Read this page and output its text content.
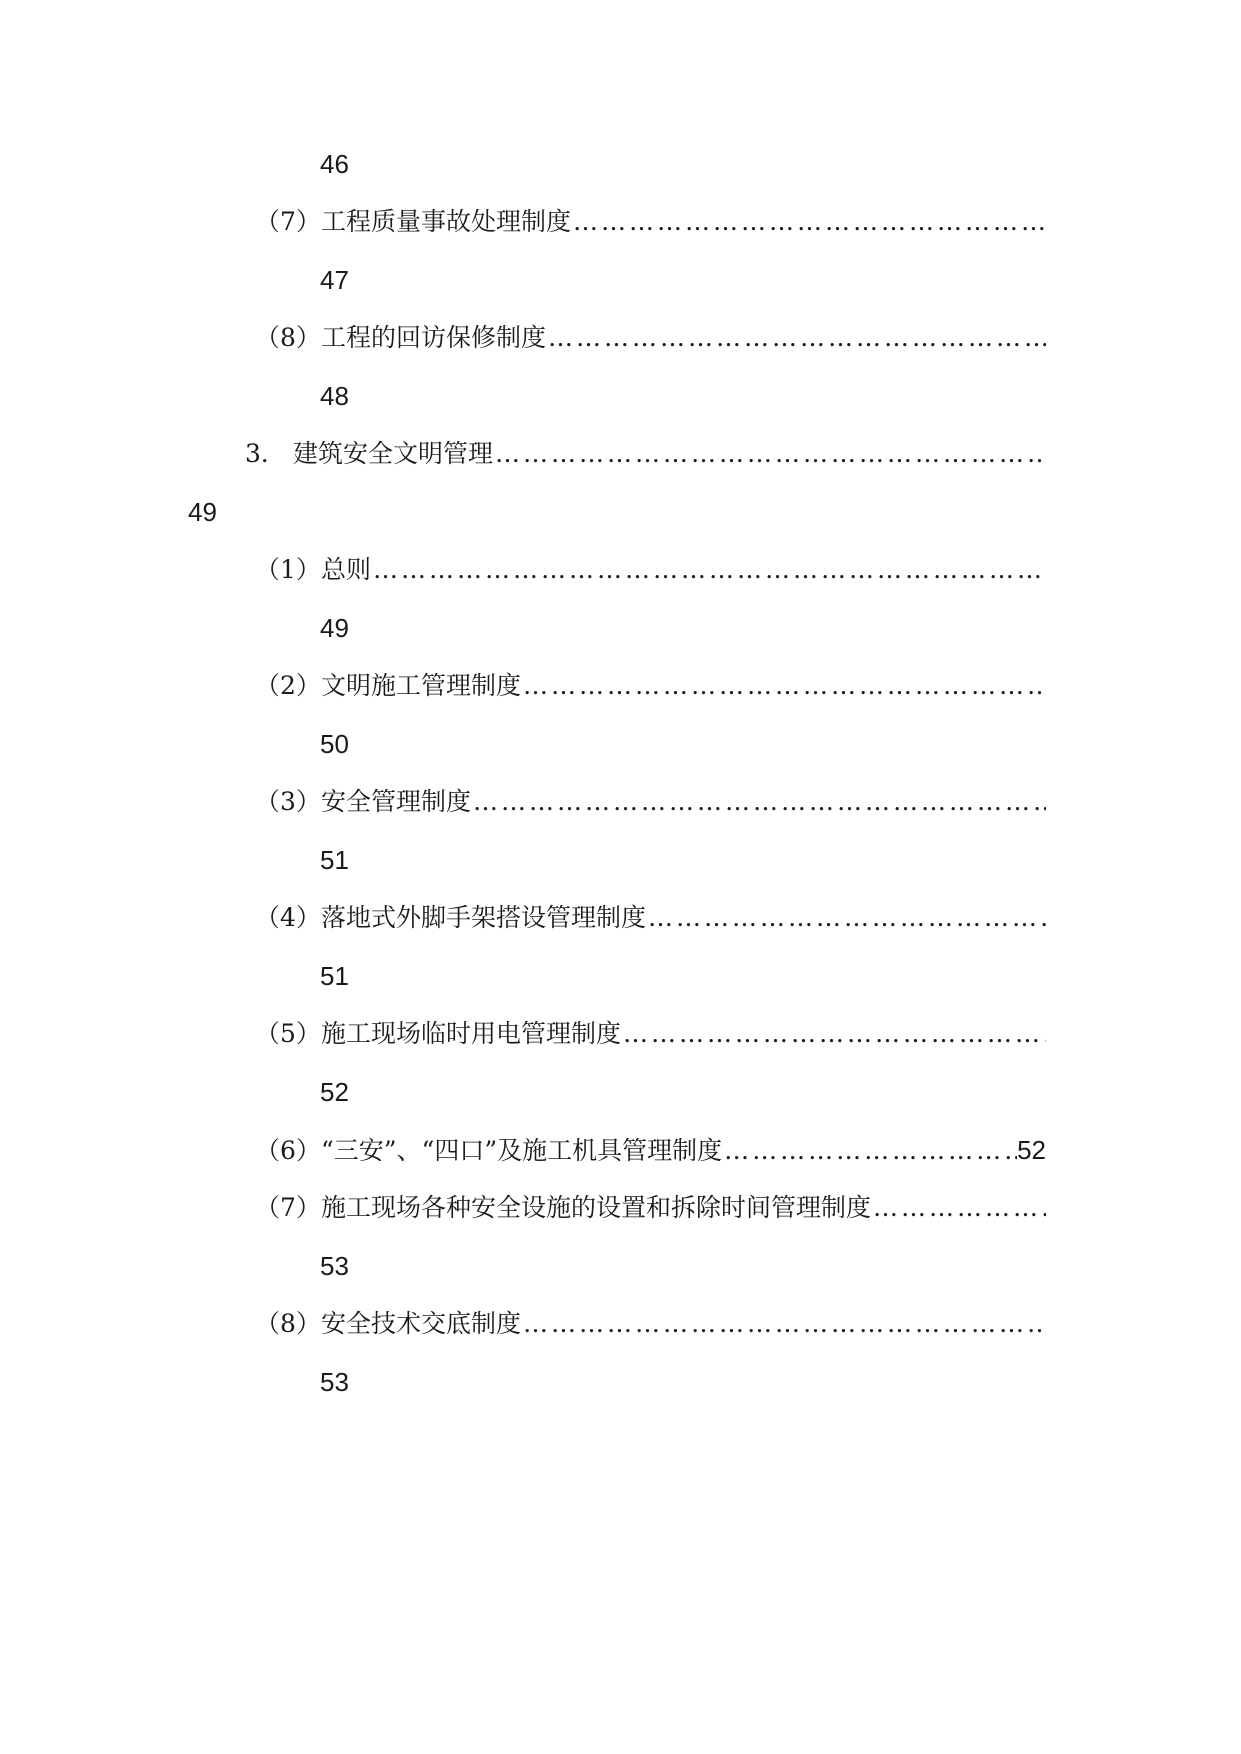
46
（7） 工程质量事故处理制度
………………………………………………………………………………………………………………………………
47
（8） 工程的回访保修制度
………………………………………………………………………………………………………………………………
48
3． 建筑安全文明管理
………………………………………………………………………………………………………………………………
49
（1） 总则
………………………………………………………………………………………………………………………………
49
（2） 文明施工管理制度
………………………………………………………………………………………………………………………………
50
（3） 安全管理制度
………………………………………………………………………………………………………………………………
51
（4） 落地式外脚手架搭设管理制度
………………………………………………………………………………………………………………………………
51
（5） 施工现场临时用电管理制度
………………………………………………………………………………………………………………………………
52
（6） “三安”、“四口”及施工机具管理制度
………………………………………………………………………………………………………………………………	52
（7） 施工现场各种安全设施的设置和拆除时间管理制度
………………………………………………………………………………………………………………………………
53
（8） 安全技术交底制度
………………………………………………………………………………………………………………………………
53
